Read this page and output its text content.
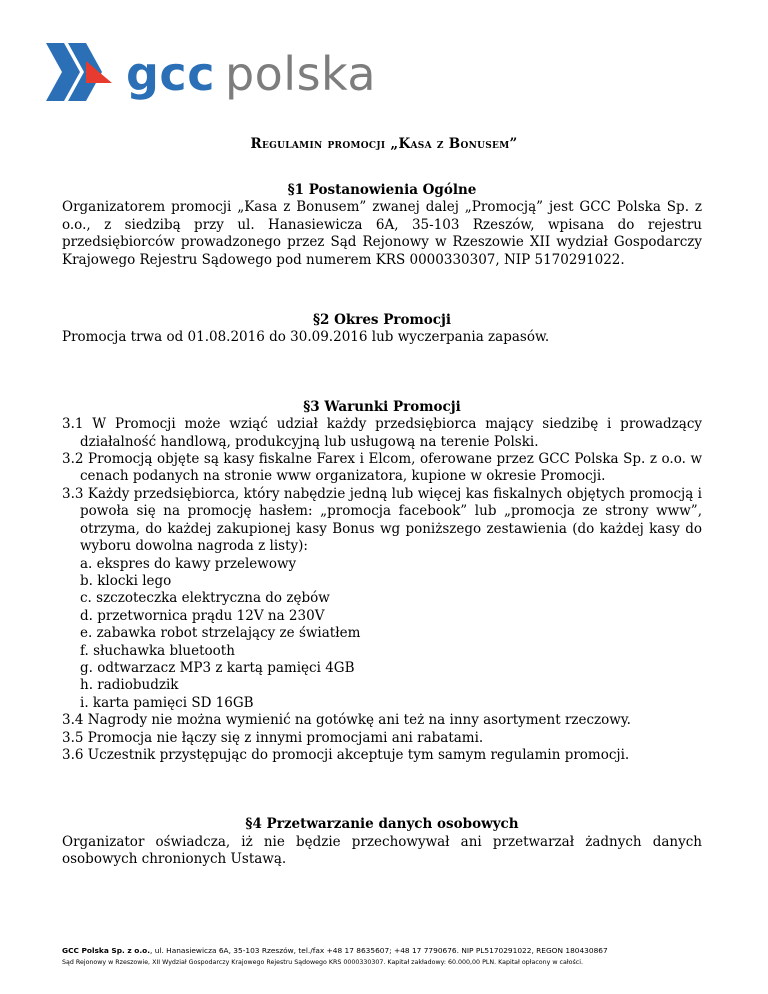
gcc polska
Regulamin promocji „Kasa z Bonusem”

§1 Postanowienia Ogólne

Organizatorem promocji „Kasa z Bonusem” zwanej dalej „Promocją” jest GCC Polska Sp. z o.o., z siedzibą przy ul. Hanasiewicza 6A, 35-103 Rzeszów, wpisana do rejestru przedsiębiorców prowadzonego przez Sąd Rejonowy w Rzeszowie XII wydział Gospodarczy Krajowego Rejestru Sądowego pod numerem KRS 0000330307, NIP 5170291022.

§2 Okres Promocji

Promocja trwa od 01.08.2016 do 30.09.2016 lub wyczerpania zapasów.

§3 Warunki Promocji

3.1 W Promocji może wziąć udział każdy przedsiębiorca mający siedzibę i prowadzący działalność handlową, produkcyjną lub usługową na terenie Polski.

3.2 Promocją objęte są kasy fiskalne Farex i Elcom, oferowane przez GCC Polska Sp. z o.o. w cenach podanych na stronie www organizatora, kupione w okresie Promocji.

3.3 Każdy przedsiębiorca, który nabędzie jedną lub więcej kas fiskalnych objętych promocją i powoła się na promocję hasłem: „promocja facebook” lub „promocja ze strony www”, otrzyma, do każdej zakupionej kasy Bonus wg poniższego zestawienia (do każdej kasy do wyboru dowolna nagroda z listy):

a. ekspres do kawy przelewowy

b. klocki lego

c. szczoteczka elektryczna do zębów

d. przetwornica prądu 12V na 230V

e. zabawka robot strzelający ze światłem

f. słuchawka bluetooth

g. odtwarzacz MP3 z kartą pamięci 4GB

h. radiobudzik

i. karta pamięci SD 16GB

3.4 Nagrody nie można wymienić na gotówkę ani też na inny asortyment rzeczowy.

3.5 Promocja nie łączy się z innymi promocjami ani rabatami.

3.6 Uczestnik przystępując do promocji akceptuje tym samym regulamin promocji.

§4 Przetwarzanie danych osobowych

Organizator oświadcza, iż nie będzie przechowywał ani przetwarzał żadnych danych osobowych chronionych Ustawą.

GCC Polska Sp. z o.o., ul. Hanasiewicza 6A, 35-103 Rzeszów, tel./fax +48 17 8635607; +48 17 7790676. NIP PL5170291022, REGON 180430867

Sąd Rejonowy w Rzeszowie, XII Wydział Gospodarczy Krajowego Rejestru Sądowego KRS 0000330307. Kapitał zakładowy: 60.000,00 PLN. Kapitał opłacony w całości.
